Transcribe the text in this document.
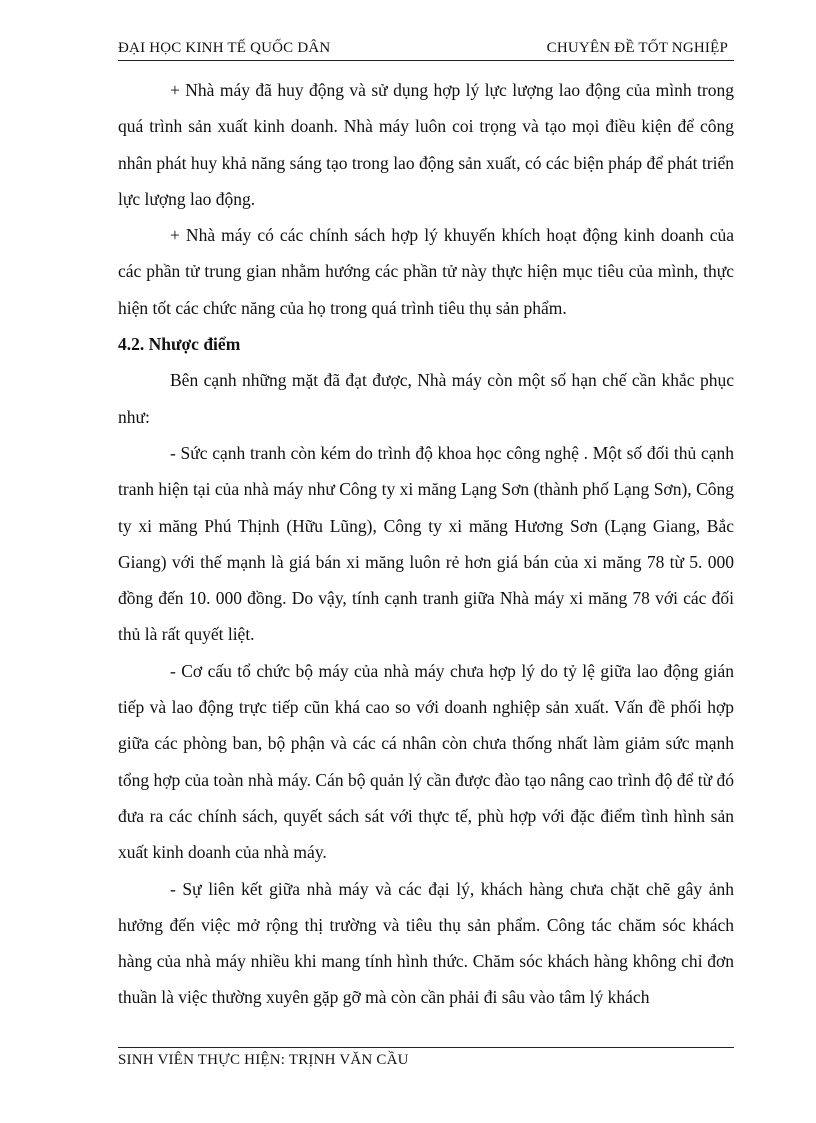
ĐẠI HỌC KINH TẾ QUỐC DÂN	CHUYÊN ĐỀ TỐT NGHIỆP

+ Nhà máy đã huy động và sử dụng hợp lý lực lượng lao động của mình trong quá trình sản xuất kinh doanh. Nhà máy luôn coi trọng và tạo mọi điều kiện để công nhân phát huy khả năng sáng tạo trong lao động sản xuất, có các biện pháp để phát triển lực lượng lao động.

+ Nhà máy có các chính sách hợp lý khuyến khích hoạt động kinh doanh của các phần tử trung gian nhằm hướng các phần tử này thực hiện mục tiêu của mình, thực hiện tốt các chức năng của họ trong quá trình tiêu thụ sản phẩm.

4.2. Nhược điểm

Bên cạnh những mặt đã đạt được, Nhà máy còn một số hạn chế cần khắc phục như:

- Sức cạnh tranh còn kém do trình độ khoa học công nghệ . Một số đối thủ cạnh tranh hiện tại của nhà máy như Công ty xi măng Lạng Sơn (thành phố Lạng Sơn), Công ty xi măng Phú Thịnh (Hữu Lũng), Công ty xi măng Hương Sơn (Lạng Giang, Bắc Giang) với thế mạnh là giá bán xi măng luôn rẻ hơn giá bán của xi măng 78 từ 5. 000 đồng đến 10. 000 đồng. Do vậy, tính cạnh tranh giữa Nhà máy xi măng 78 với các đối thủ là rất quyết liệt.

- Cơ cấu tổ chức bộ máy của nhà máy chưa hợp lý do tỷ lệ giữa lao động gián tiếp và lao động trực tiếp cũn khá cao so với doanh nghiệp sản xuất. Vấn đề phối hợp giữa các phòng ban, bộ phận và các cá nhân còn chưa thống nhất làm giảm sức mạnh tổng hợp của toàn nhà máy. Cán bộ quản lý cần được đào tạo nâng cao trình độ để từ đó đưa ra các chính sách, quyết sách sát với thực tế, phù hợp với đặc điểm tình hình sản xuất kinh doanh của nhà máy.

- Sự liên kết giữa nhà máy và các đại lý, khách hàng chưa chặt chẽ gây ảnh hưởng đến việc mở rộng thị trường và tiêu thụ sản phẩm. Công tác chăm sóc khách hàng của nhà máy nhiều khi mang tính hình thức. Chăm sóc khách hàng không chỉ đơn thuần là việc thường xuyên gặp gỡ mà còn cần phải đi sâu vào tâm lý khách

SINH VIÊN THỰC HIỆN: TRỊNH VĂN CẦU
